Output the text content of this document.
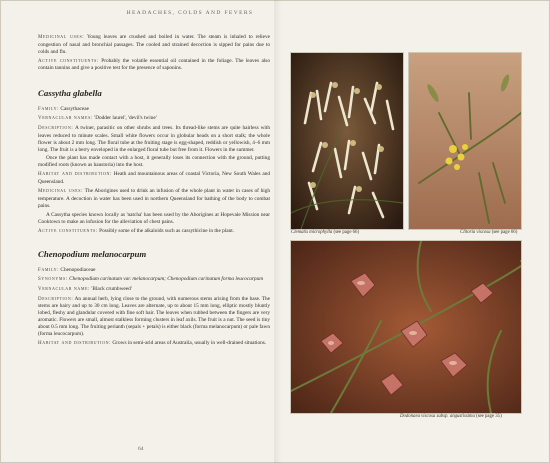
HEADACHES, COLDS AND FEVERS

Medicinal uses: Young leaves are crushed and boiled in water. The steam is inhaled to relieve congestion of nasal and bronchial passages. The cooled and strained decoction is sipped for pains due to colds and flu.

Active constituents: Probably the volatile essential oil contained in the foliage. The leaves also contain tannins and give a positive test for the presence of saponins.

Cassytha glabella

Family: Cassythaceae

Vernacular names: 'Dodder laurel', 'devil's twine'

Description: A twiner, parasitic on other shrubs and trees. Its thread-like stems are quite hairless with leaves reduced to minute scales. Small white flowers occur in globular heads on a short stalk; the whole flower is about 2 mm long. The floral tube at the fruiting stage is egg-shaped, reddish or yellowish, 4–6 mm long. The fruit is a berry enveloped in the enlarged floral tube but free from it. Flowers in the summer.

Once the plant has made contact with a host, it generally loses its connection with the ground, putting modified roots (known as haustoria) into the host.

Habitat and distribution: Heath and mountainous areas of coastal Victoria, New South Wales and Queensland.

Medicinal uses: The Aborigines used to drink an infusion of the whole plant in water in cases of high temperature. A decoction in water has been used in northern Queensland for bathing of the body to combat pains.

A Cassytha species known locally as 'natcha' has been used by the Aborigines at Hopevale Mission near Cooktown to make an infusion for the alleviation of chest pains.

Active constituents: Possibly some of the alkaloids such as cassythicine in the plant.

Chenopodium melanocarpum

Family: Chenopodiaceae

Synonyms: Chenopodium carinatum var. melanocarpum; Chenopodium carinatum forma leucocarpum

Vernacular name: 'Black crumbweed'

Description: An annual herb, lying close to the ground, with numerous stems arising from the base. The stems are hairy and up to 30 cm long. Leaves are alternate, up to about 15 mm long, elliptic mostly bluntly lobed, fleshy and glandular covered with fine soft hair. The leaves when rubbed between the fingers are very aromatic. Flowers are small, almost stalkless forming clusters in leaf axils. The fruit is a nut. The seed is tiny about 0.5 mm long. The fruiting perianth (sepals + petals) is either black (forma melanocarpum) or pale fawn (forma leucocarpum).

Habitat and distribution: Grows in semi-arid areas of Australia, usually in well-drained situations.

64
Clematis microphylla (see page 66)	Clitoria viscosa (see page 66)
Dodonaea viscosa subsp. angustissima (see page 35)
